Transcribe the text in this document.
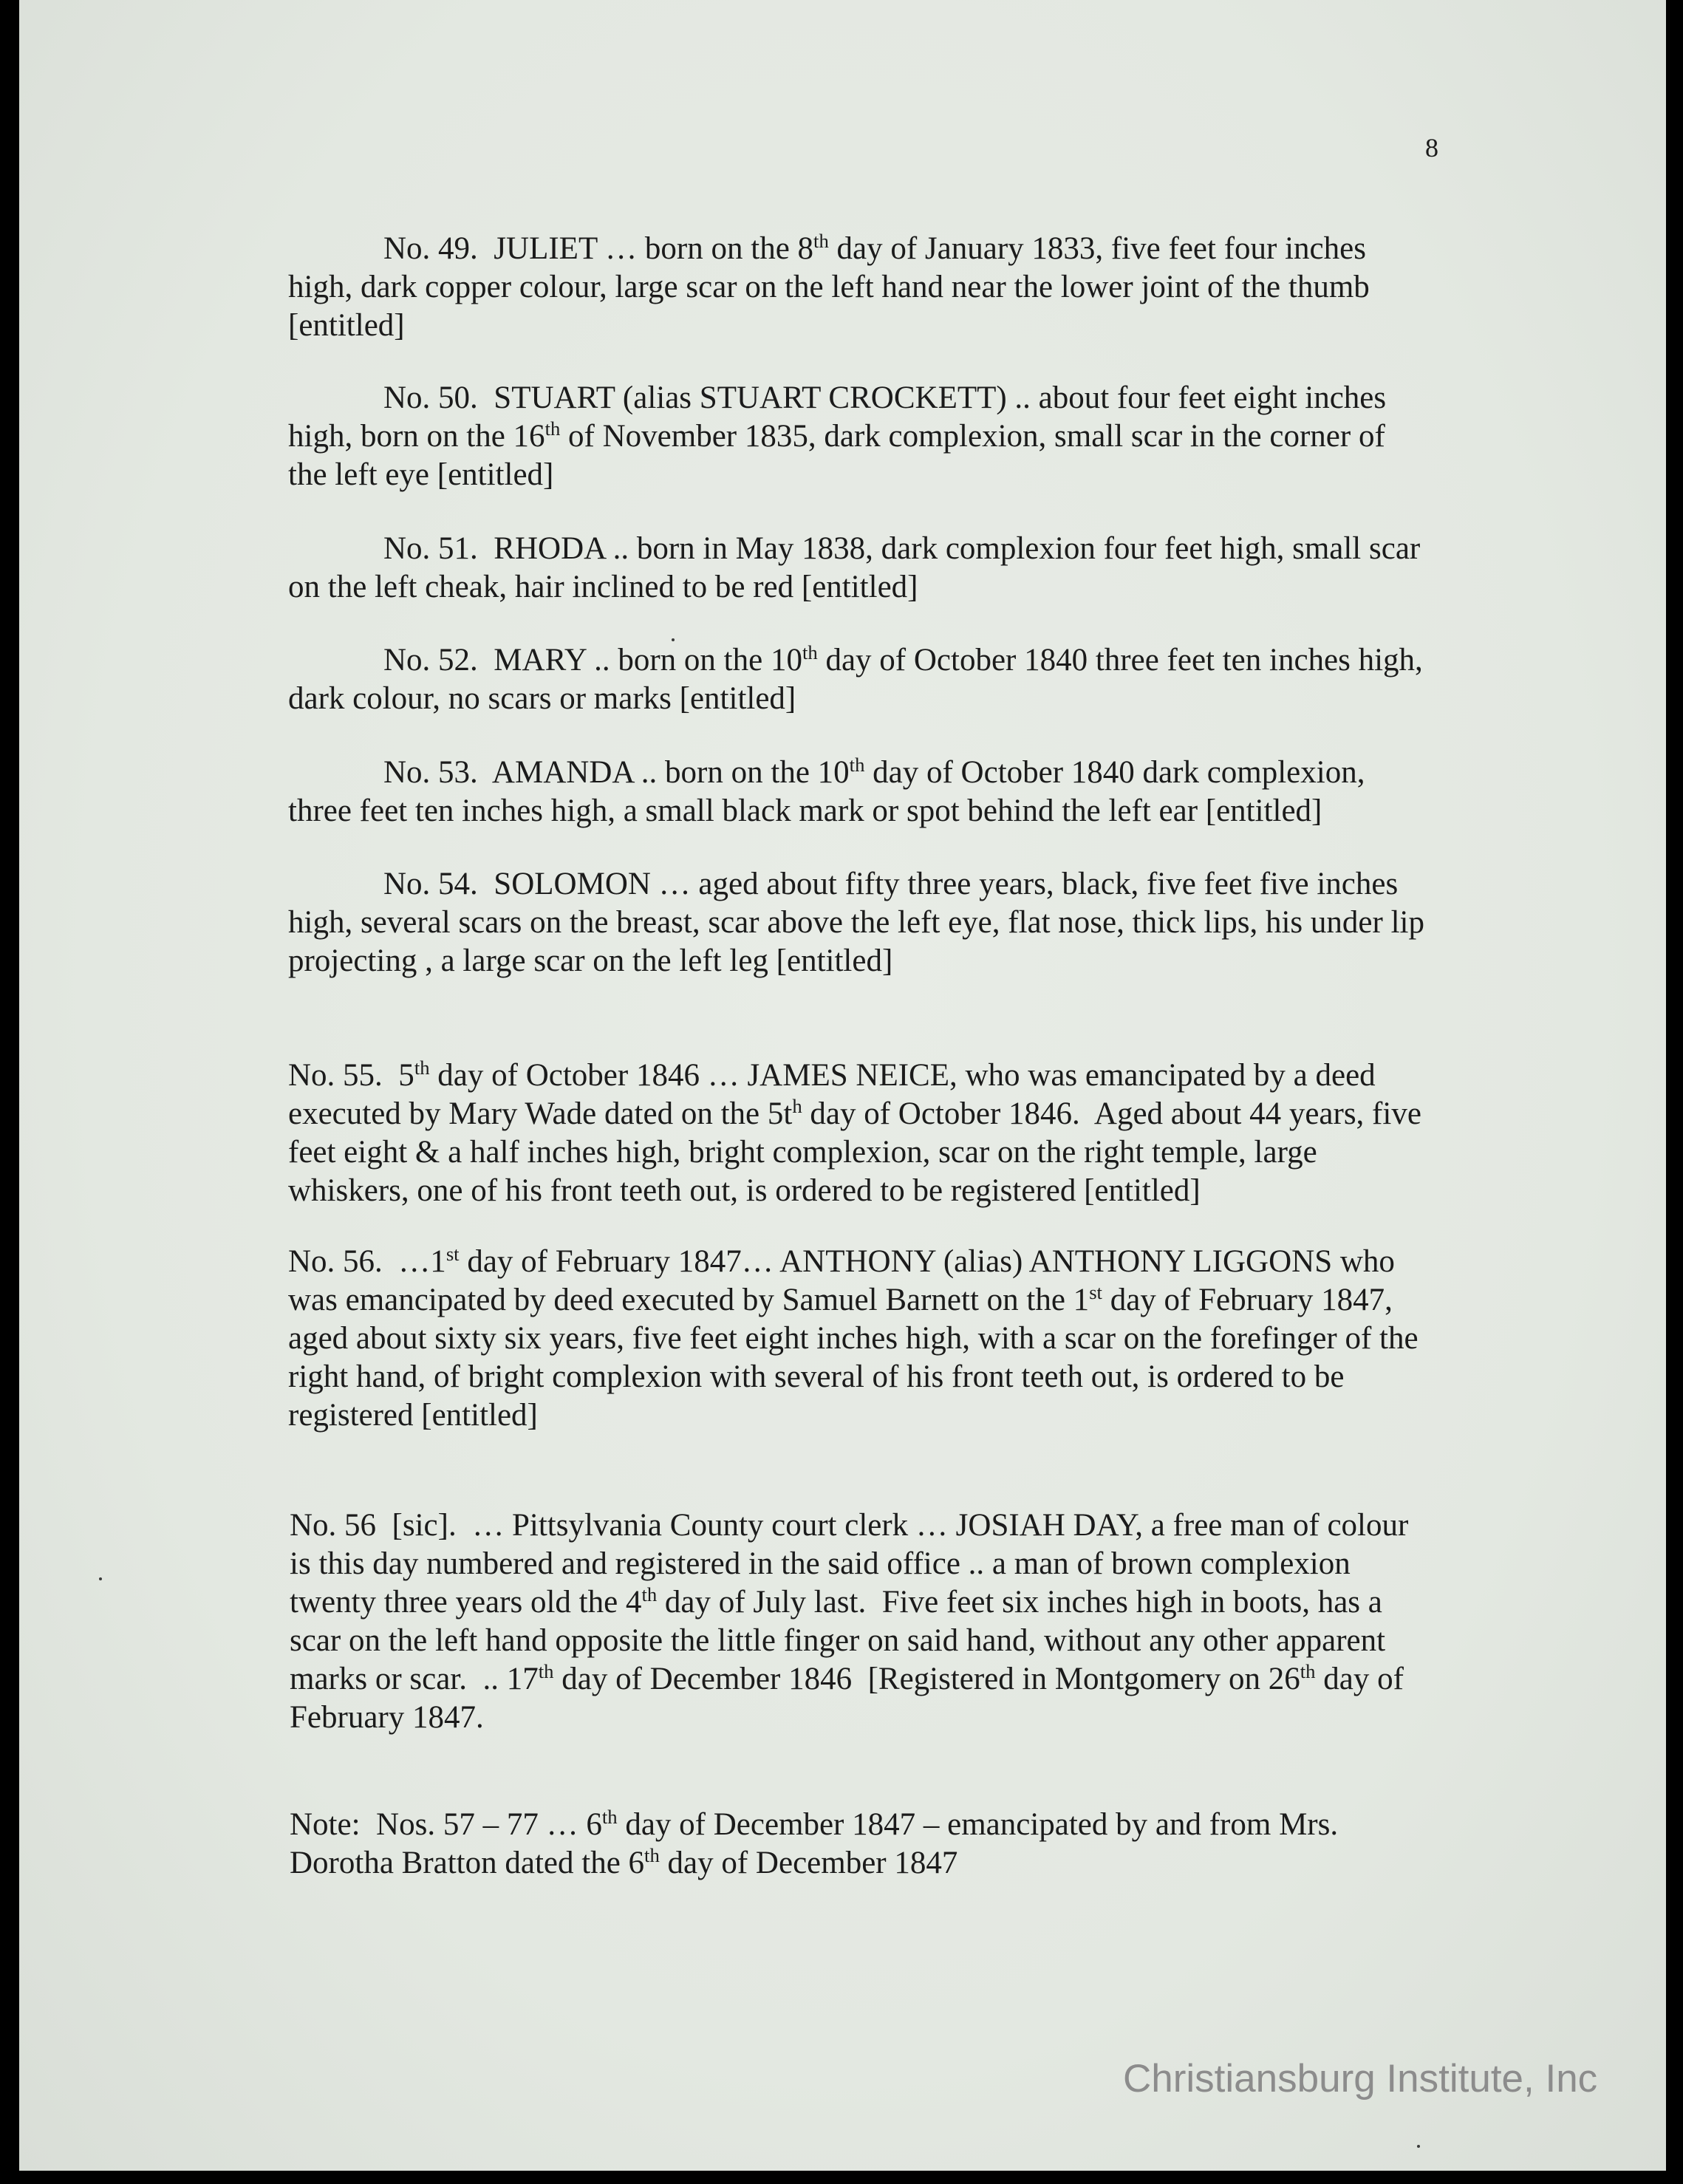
8
No. 49.  JULIET … born on the 8th day of January 1833, five feet four inches
high, dark copper colour, large scar on the left hand near the lower joint of the thumb
[entitled]
No. 50.  STUART (alias STUART CROCKETT) .. about four feet eight inches
high, born on the 16th of November 1835, dark complexion, small scar in the corner of
the left eye [entitled]
No. 51.  RHODA .. born in May 1838, dark complexion four feet high, small scar
on the left cheak, hair inclined to be red [entitled]
No. 52.  MARY .. born on the 10th day of October 1840 three feet ten inches high,
dark colour, no scars or marks [entitled]
No. 53.  AMANDA .. born on the 10th day of October 1840 dark complexion,
three feet ten inches high, a small black mark or spot behind the left ear [entitled]
No. 54.  SOLOMON … aged about fifty three years, black, five feet five inches
high, several scars on the breast, scar above the left eye, flat nose, thick lips, his under lip
projecting , a large scar on the left leg [entitled]
No. 55.  5th day of October 1846 … JAMES NEICE, who was emancipated by a deed
executed by Mary Wade dated on the $5t^h$ day of October 1846.  Aged about 44 years, five
feet eight & a half inches high, bright complexion, scar on the right temple, large
whiskers, one of his front teeth out, is ordered to be registered [entitled]
No. 56.  …1st day of February 1847… ANTHONY (alias) ANTHONY LIGGONS who
was emancipated by deed executed by Samuel Barnett on the 1st day of February 1847,
aged about sixty six years, five feet eight inches high, with a scar on the forefinger of the
right hand, of bright complexion with several of his front teeth out, is ordered to be
registered [entitled]
No. 56  [sic].  … Pittsylvania County court clerk … JOSIAH DAY, a free man of colour
is this day numbered and registered in the said office .. a man of brown complexion
twenty three years old the 4th day of July last.  Five feet six inches high in boots, has a
scar on the left hand opposite the little finger on said hand, without any other apparent
marks or scar.  .. 17th day of December 1846  [Registered in Montgomery on 26th day of
February 1847.
Note:  Nos. 57 – 77 … 6th day of December 1847 – emancipated by and from Mrs.
Dorotha Bratton dated the 6th day of December 1847
Christiansburg Institute, Inc
